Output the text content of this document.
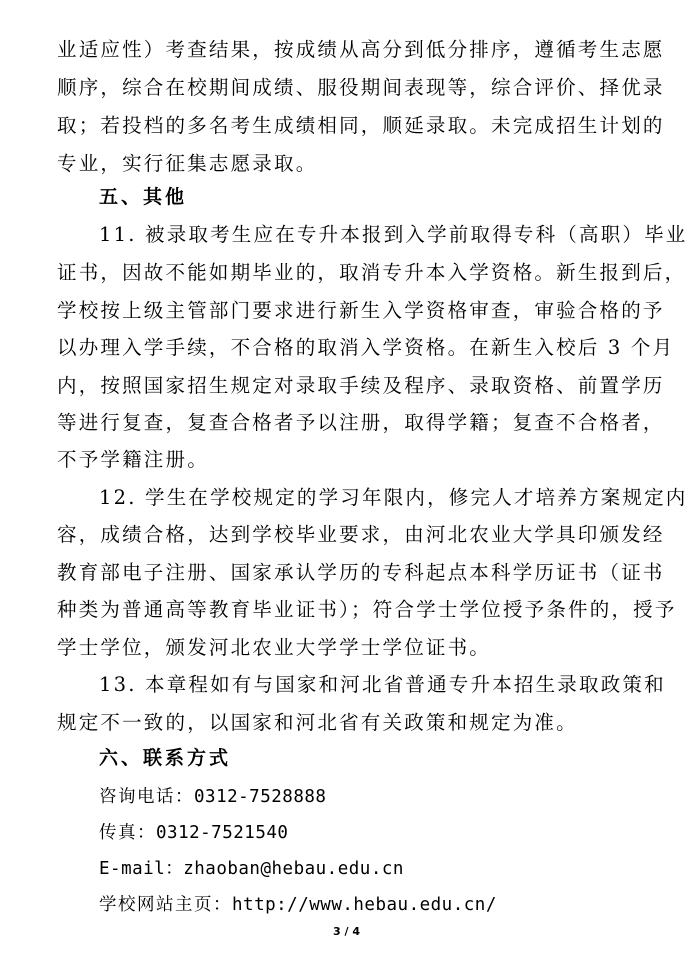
业适应性）考查结果，按成绩从高分到低分排序，遵循考生志愿
顺序，综合在校期间成绩、服役期间表现等，综合评价、择优录
取；若投档的多名考生成绩相同，顺延录取。未完成招生计划的
专业，实行征集志愿录取。
五、其他
11. 被录取考生应在专升本报到入学前取得专科（高职）毕业
证书，因故不能如期毕业的，取消专升本入学资格。新生报到后，
学校按上级主管部门要求进行新生入学资格审查，审验合格的予
以办理入学手续，不合格的取消入学资格。在新生入校后 3 个月
内，按照国家招生规定对录取手续及程序、录取资格、前置学历
等进行复查，复查合格者予以注册，取得学籍；复查不合格者，
不予学籍注册。
12. 学生在学校规定的学习年限内，修完人才培养方案规定内
容，成绩合格，达到学校毕业要求，由河北农业大学具印颁发经
教育部电子注册、国家承认学历的专科起点本科学历证书（证书
种类为普通高等教育毕业证书）；符合学士学位授予条件的，授予
学士学位，颁发河北农业大学学士学位证书。
13. 本章程如有与国家和河北省普通专升本招生录取政策和
规定不一致的，以国家和河北省有关政策和规定为准。
六、联系方式
咨询电话：0312-7528888
传真：0312-7521540
E-mail：zhaoban@hebau.edu.cn
学校网站主页：http://www.hebau.edu.cn/
3 / 4
